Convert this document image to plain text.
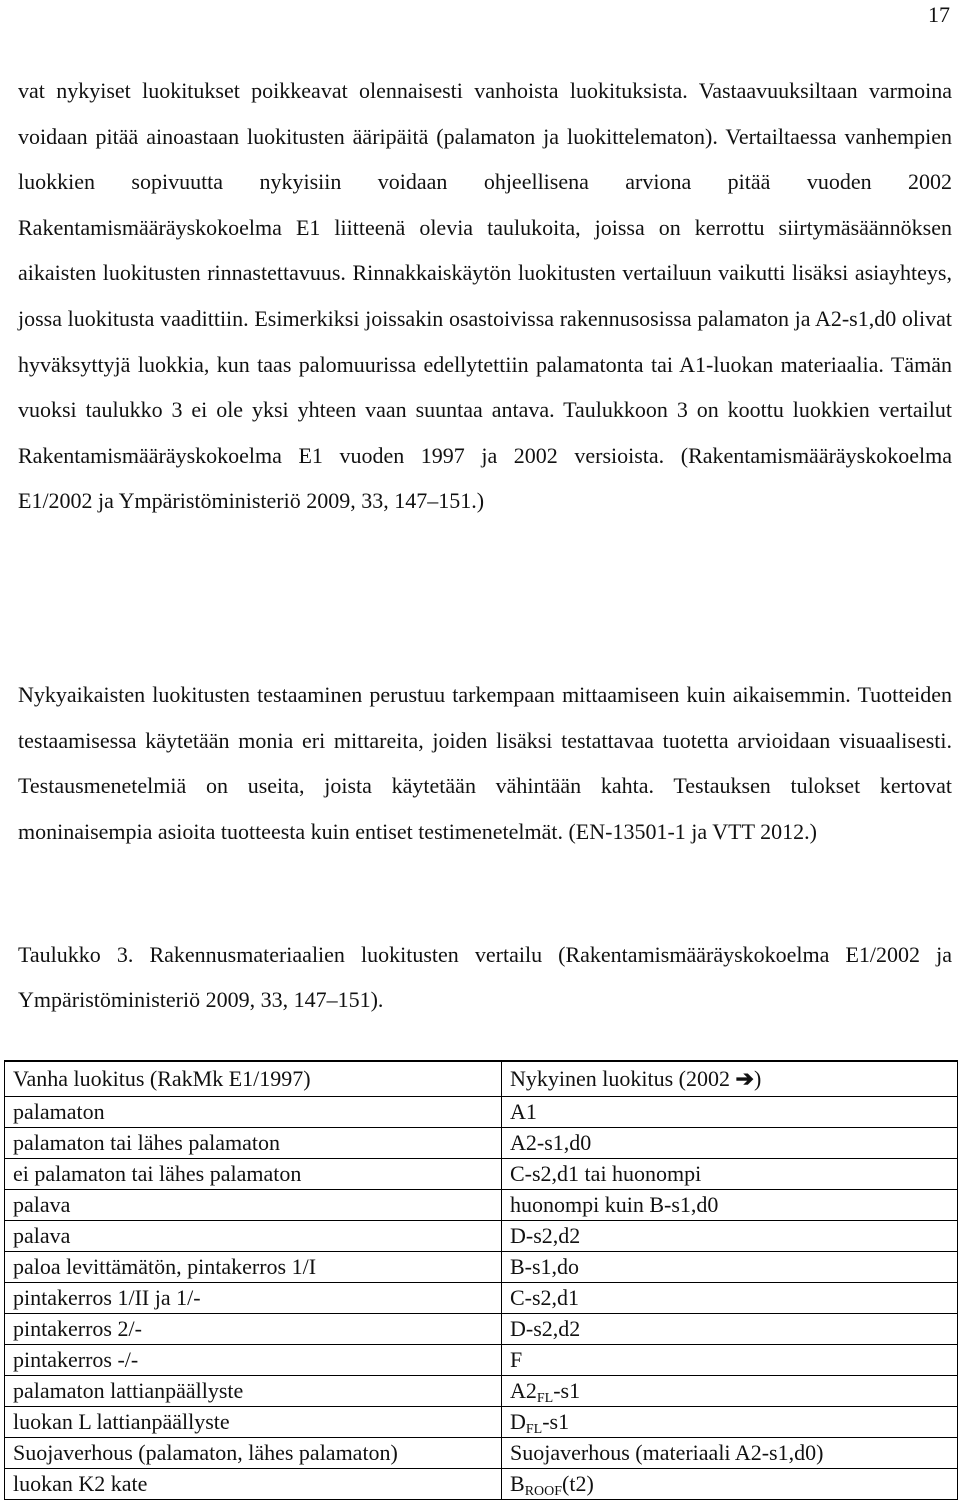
17

vat nykyiset luokitukset poikkeavat olennaisesti vanhoista luokituksista. Vastaavuuksiltaan varmoina voidaan pitää ainoastaan luokitusten ääripäitä (palamaton ja luokittelematon). Vertailtaessa vanhempien luokkien sopivuutta nykyisiin voidaan ohjeellisena arviona pitää vuoden 2002 Rakentamismääräyskokoelma E1 liitteenä olevia taulukoita, joissa on kerrottu siirtymäsäännöksen aikaisten luokitusten rinnastettavuus. Rinnakkaiskäytön luokitusten vertailuun vaikutti lisäksi asiayhteys, jossa luokitusta vaadittiin. Esimerkiksi joissakin osastoivissa rakennusosissa palamaton ja A2-s1,d0 olivat hyväksyttyjä luokkia, kun taas palomuurissa edellytettiin palamatonta tai A1-luokan materiaalia. Tämän vuoksi taulukko 3 ei ole yksi yhteen vaan suuntaa antava. Taulukkoon 3 on koottu luokkien vertailut Rakentamismääräyskokoelma E1 vuoden 1997 ja 2002 versioista. (Rakentamismääräyskokoelma E1/2002 ja Ympäristöministeriö 2009, 33, 147–151.)

Nykyaikaisten luokitusten testaaminen perustuu tarkempaan mittaamiseen kuin aikaisemmin. Tuotteiden testaamisessa käytetään monia eri mittareita, joiden lisäksi testattavaa tuotetta arvioidaan visuaalisesti. Testausmenetelmiä on useita, joista käytetään vähintään kahta. Testauksen tulokset kertovat moninaisempia asioita tuotteesta kuin entiset testimenetelmät. (EN-13501-1 ja VTT 2012.)

Taulukko 3. Rakennusmateriaalien luokitusten vertailu (Rakentamismääräyskokoelma E1/2002 ja Ympäristöministeriö 2009, 33, 147–151).

Vanha luokitus (RakMk E1/1997)	Nykyinen luokitus (2002 ➔)
palamaton	A1
palamaton tai lähes palamaton	A2-s1,d0
ei palamaton tai lähes palamaton	C-s2,d1 tai huonompi
palava	huonompi kuin B-s1,d0
palava	D-s2,d2
paloa levittämätön, pintakerros 1/I	B-s1,do
pintakerros 1/II ja 1/-	C-s2,d1
pintakerros 2/-	D-s2,d2
pintakerros -/-	F
palamaton lattianpäällyste	$A2_{FL}-s1$
luokan L lattianpäällyste	$D_{FL}-s1$
Suojaverhous (palamaton, lähes palamaton)	Suojaverhous (materiaali A2-s1,d0)
luokan K2 kate	$B_{ROOF}(t2)$
